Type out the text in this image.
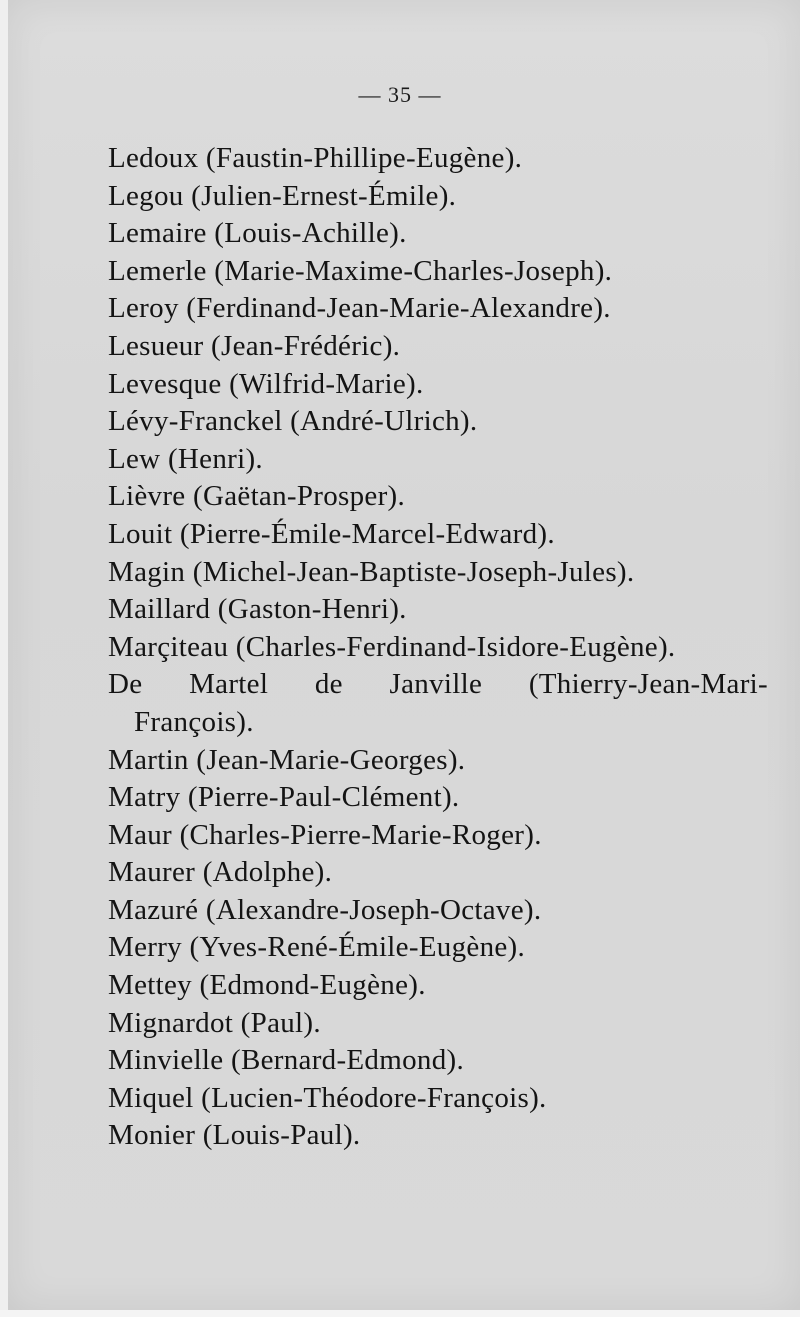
— 35 —
Ledoux (Faustin-Phillipe-Eugène).
Legou (Julien-Ernest-Émile).
Lemaire (Louis-Achille).
Lemerle (Marie-Maxime-Charles-Joseph).
Leroy (Ferdinand-Jean-Marie-Alexandre).
Lesueur (Jean-Frédéric).
Levesque (Wilfrid-Marie).
Lévy-Franckel (André-Ulrich).
Lew (Henri).
Lièvre (Gaëtan-Prosper).
Louit (Pierre-Émile-Marcel-Edward).
Magin (Michel-Jean-Baptiste-Joseph-Jules).
Maillard (Gaston-Henri).
Marçiteau (Charles-Ferdinand-Isidore-Eugène).
De Martel de Janville (Thierry-Jean-Mari-
François).
Martin (Jean-Marie-Georges).
Matry (Pierre-Paul-Clément).
Maur (Charles-Pierre-Marie-Roger).
Maurer (Adolphe).
Mazuré (Alexandre-Joseph-Octave).
Merry (Yves-René-Émile-Eugène).
Mettey (Edmond-Eugène).
Mignardot (Paul).
Minvielle (Bernard-Edmond).
Miquel (Lucien-Théodore-François).
Monier (Louis-Paul).
